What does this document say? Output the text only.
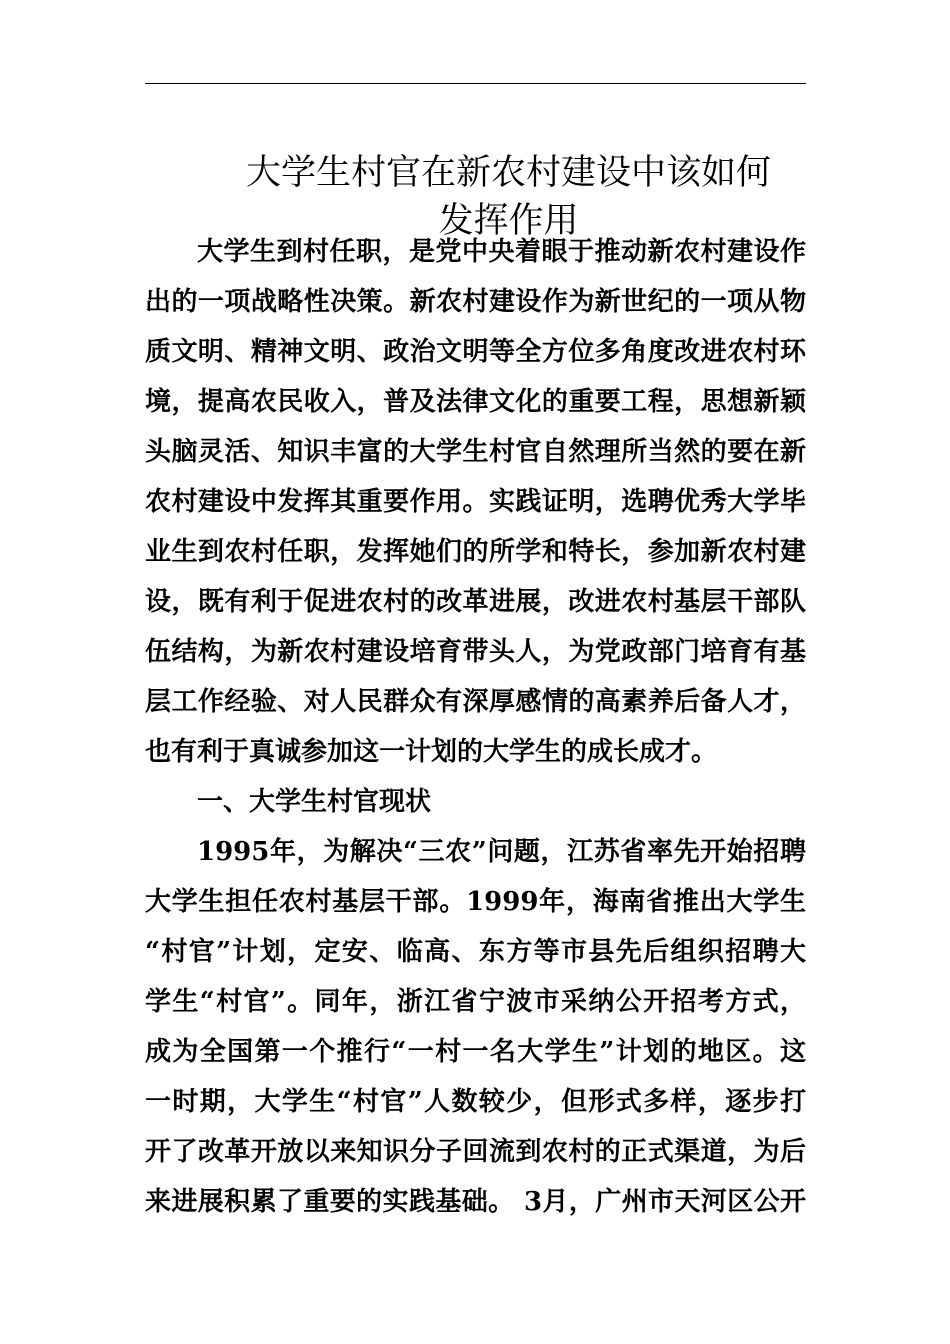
大学生村官在新农村建设中该如何
发挥作用
大学生到村任职，是党中央着眼于推动新农村建设作
出的一项战略性决策。新农村建设作为新世纪的一项从物
质文明、精神文明、政治文明等全方位多角度改进农村环
境，提高农民收入，普及法律文化的重要工程，思想新颖
头脑灵活、知识丰富的大学生村官自然理所当然的要在新
农村建设中发挥其重要作用。实践证明，选聘优秀大学毕
业生到农村任职，发挥她们的所学和特长，参加新农村建
设，既有利于促进农村的改革进展，改进农村基层干部队
伍结构，为新农村建设培育带头人，为党政部门培育有基
层工作经验、对人民群众有深厚感情的高素养后备人才，
也有利于真诚参加这一计划的大学生的成长成才。
一、大学生村官现状
1995年，为解决“三农”问题，江苏省率先开始招聘
大学生担任农村基层干部。1999年，海南省推出大学生
“村官”计划，定安、临高、东方等市县先后组织招聘大
学生“村官”。同年，浙江省宁波市采纳公开招考方式，
成为全国第一个推行“一村一名大学生”计划的地区。这
一时期，大学生“村官”人数较少，但形式多样，逐步打
开了改革开放以来知识分子回流到农村的正式渠道，为后
来进展积累了重要的实践基础。 3月，广州市天河区公开
